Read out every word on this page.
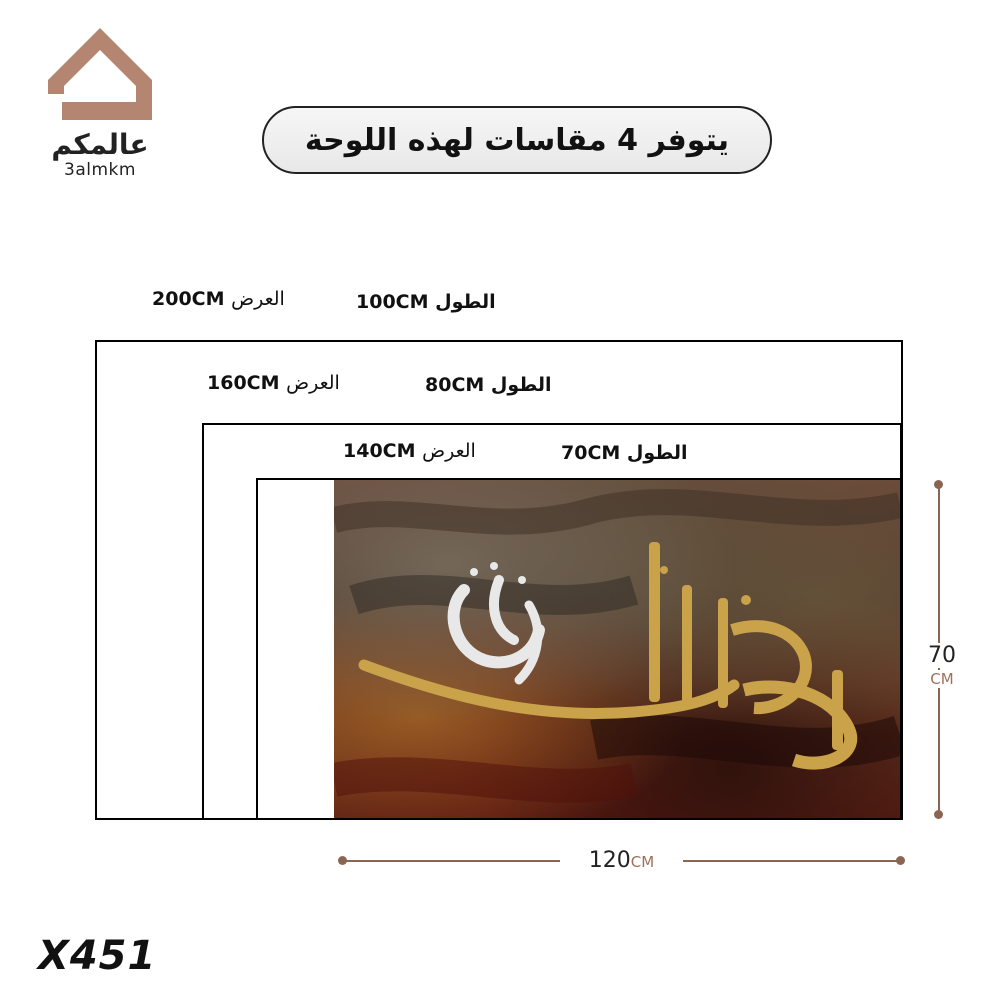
عالمكم
3almkm
يتوفر 4 مقاسات لهذه اللوحة
200CM العرض	100CM الطول
160CM العرض	80CM الطول
140CM العرض	70CM الطول
70
CM
120CM
X451
